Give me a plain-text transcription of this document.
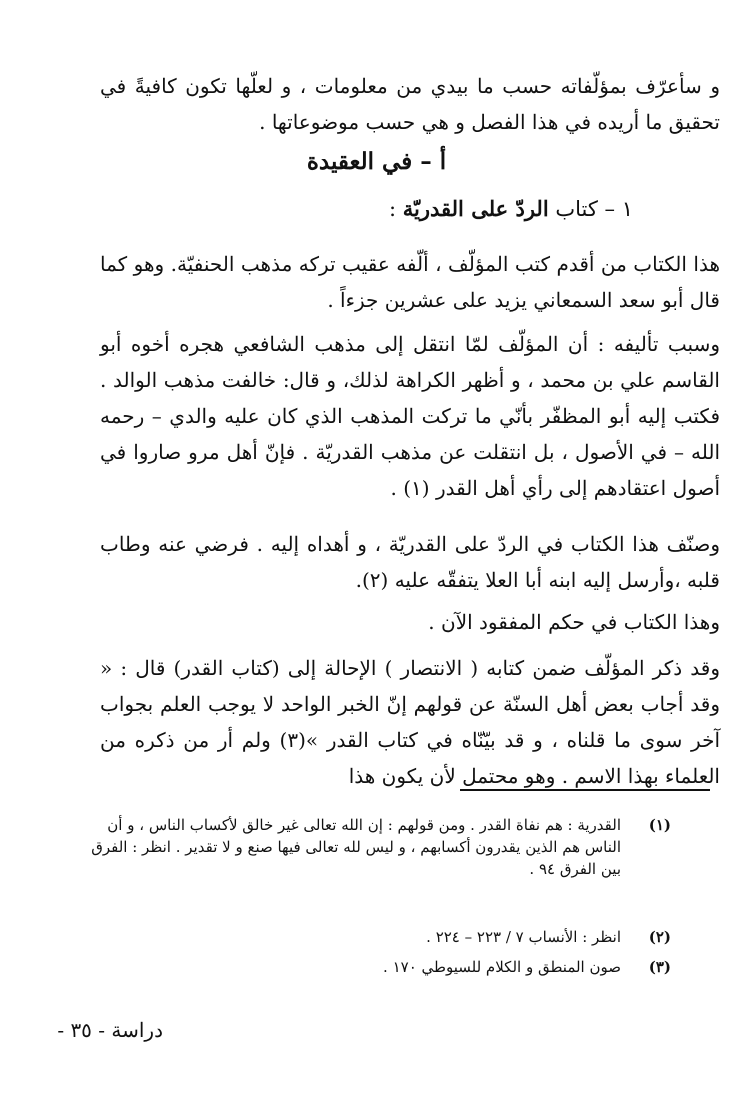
و سأعرّف بمؤلّفاته حسب ما بيدي من معلومات ، و لعلّها تكون كافيةً في تحقيق ما أريده في هذا الفصل و هي حسب موضوعاتها .

أ – في العقيدة

١ – كتاب الردّ على القدريّة :

هذا الكتاب من أقدم كتب المؤلّف ، ألّفه عقيب تركه مذهب الحنفيّة. وهو كما قال أبو سعد السمعاني يزيد على عشرين جزءاً .

وسبب تأليفه : أن المؤلّف لمّا انتقل إلى مذهب الشافعي هجره أخوه أبو القاسم علي بن محمد ، و أظهر الكراهة لذلك، و قال: خالفت مذهب الوالد . فكتب إليه أبو المظفّر بأنّي ما تركت المذهب الذي كان عليه والدي – رحمه الله – في الأصول ، بل انتقلت عن مذهب القدريّة . فإنّ أهل مرو صاروا في أصول اعتقادهم إلى رأي أهل القدر (١) .

وصنّف هذا الكتاب في الردّ على القدريّة ، و أهداه إليه . فرضي عنه وطاب قلبه ،وأرسل إليه ابنه أبا العلا يتفقّه عليه (٢).

وهذا الكتاب في حكم المفقود الآن .

وقد ذكر المؤلّف ضمن كتابه ( الانتصار ) الإحالة إلى (كتاب القدر) قال : « وقد أجاب بعض أهل السنّة عن قولهم إنّ الخبر الواحد لا يوجب العلم بجواب آخر سوى ما قلناه ، و قد بيّنّاه في كتاب القدر »(٣) ولم أر من ذكره من العلماء بهذا الاسم . وهو محتمل لأن يكون هذا

(١)
القدرية : هم نفاة القدر . ومن قولهم : إن الله تعالى غير خالق لأكساب الناس ، و أن الناس هم الذين يقدرون أكسابهم ، و ليس لله تعالى فيها صنع و لا تقدير . انظر : الفرق بين الفرق ٩٤ .

(٢)
انظر : الأنساب ٧ / ٢٢٣ – ٢٢٤ .

(٣)
صون المنطق و الكلام للسيوطي ١٧٠ .

دراسة - ٣٥ -
